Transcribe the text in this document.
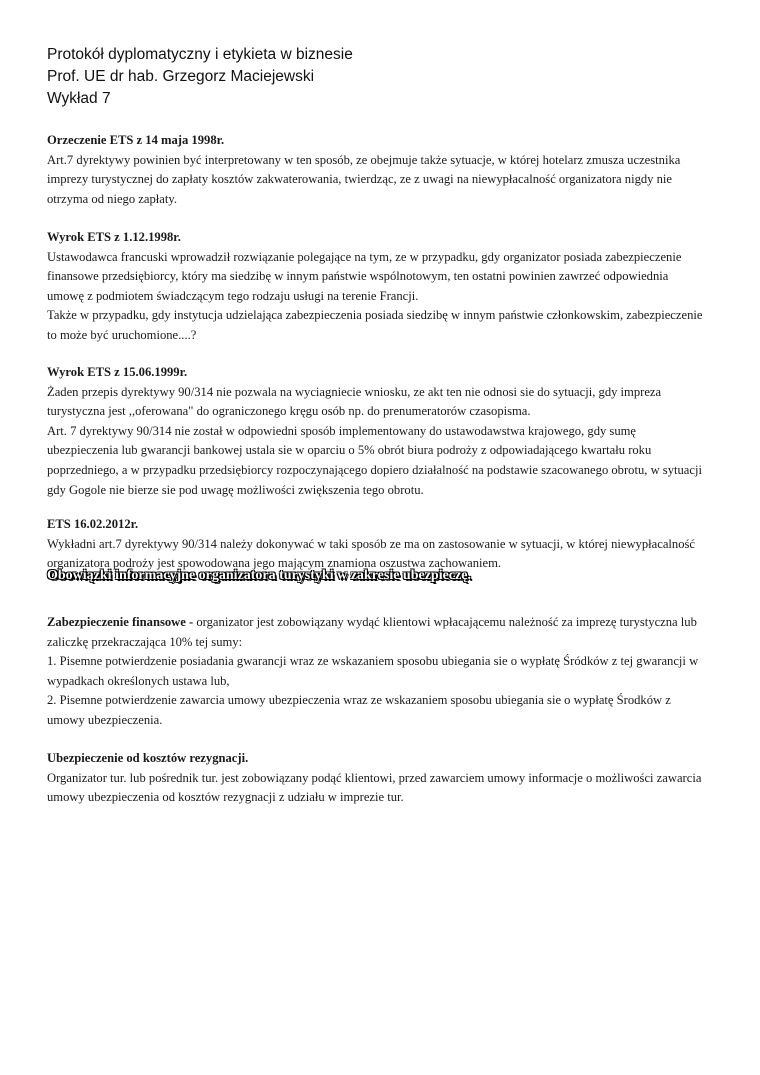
Protokół dyplomatyczny i etykieta w biznesie
Prof. UE dr hab. Grzegorz Maciejewski
Wykład 7
Orzeczenie ETS z 14 maja 1998r.
Art.7 dyrektywy powinien być interpretowany w ten sposób, ze obejmuje także sytuacje, w której hotelarz zmusza uczestnika
imprezy turystycznej do zapłaty kosztów zakwaterowania, twierdząc, ze z uwagi na niewypłacalność organizatora nigdy nie
otrzyma od niego zapłaty.
Wyrok ETS z 1.12.1998r.
Ustawodawca francuski wprowadził rozwiązanie polegające na tym, ze w przypadku, gdy organizator posiada zabezpieczenie
finansowe przedsiębiorcy, który ma siedzibę w innym państwie wspólnotowym, ten ostatni powinien zawrzeć odpowiednia
umowę z podmiotem świadczącym tego rodzaju usługi na terenie Francji.
Także w przypadku, gdy instytucja udzielająca zabezpieczenia posiada siedzibę w innym państwie członkowskim, zabezpieczenie
to może być uruchomione....?
Wyrok ETS z 15.06.1999r.
Żaden przepis dyrektywy 90/314 nie pozwala na wyciagniecie wniosku, ze akt ten nie odnosi sie do sytuacji, gdy impreza
turystyczna jest ,,oferowana" do ograniczonego kręgu osób np. do prenumeratorów czasopisma.
Art. 7 dyrektywy 90/314 nie został w odpowiedni sposób implementowany do ustawodawstwa krajowego, gdy sumę
ubezpieczenia lub gwarancji bankowej ustala sie w oparciu o 5% obrót biura podroży z odpowiadającego kwartału roku
poprzedniego, a w przypadku przedsiębiorcy rozpoczynającego dopiero działalność na podstawie szacowanego obrotu, w sytuacji
gdy Gogole nie bierze sie pod uwagę możliwości zwiększenia tego obrotu.
ETS 16.02.2012r.
Wykładni art.7 dyrektywy 90/314 należy dokonywać w taki sposób ze ma on zastosowanie w sytuacji, w której niewypłacalność
organizatora podroży jest spowodowana jego mającym znamiona oszustwa zachowaniem.
Obowiązki informacyjne organizatora turystyki w zakresie ubezpieczę.
Zabezpieczenie finansowe - organizator jest zobowiązany wydąć klientowi wpłacającemu należność za imprezę turystyczna lub
zaliczkę przekraczająca 10% tej sumy:
1. Pisemne potwierdzenie posiadania gwarancji wraz ze wskazaniem sposobu ubiegania sie o wypłatę Śródków z tej gwarancji w
wypadkach określonych ustawa lub,
2. Pisemne potwierdzenie zawarcia umowy ubezpieczenia wraz ze wskazaniem sposobu ubiegania sie o wypłatę Środków z
umowy ubezpieczenia.
Ubezpieczenie od kosztów rezygnacji.
Organizator tur. lub pośrednik tur. jest zobowiązany podąć klientowi, przed zawarciem umowy informacje o możliwości zawarcia
umowy ubezpieczenia od kosztów rezygnacji z udziału w imprezie tur.
